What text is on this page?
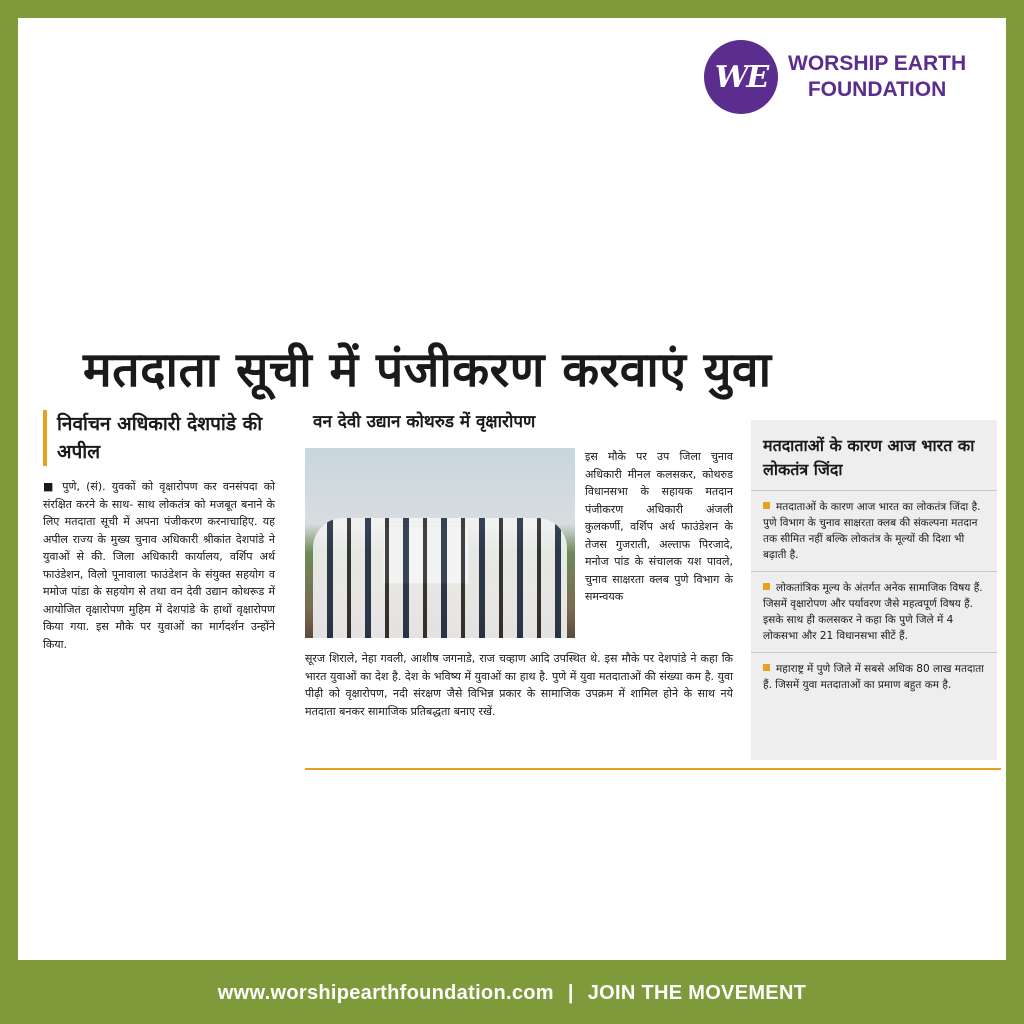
WE WORSHIP EARTH
FOUNDATION
मतदाता सूची में पंजीकरण करवाएं युवा
निर्वाचन अधिकारी देशपांडे की अपील
■ पुणे, (सं). युवकों को वृक्षारोपण कर वनसंपदा को संरक्षित करने के साथ- साथ लोकतंत्र को मजबूत बनाने के लिए मतदाता सूची में अपना पंजीकरण करनाचाहिए. यह अपील राज्य के मुख्य चुनाव अधिकारी श्रीकांत देशपांडे ने युवाओं से की. जिला अधिकारी कार्यालय, वर्शिप अर्थ फाउंडेशन, विलो पूनावाला फाउंडेशन के संयुक्त सहयोग व ममोज पांडा के सहयोग से तथा वन देवी उद्यान कोथरूड में आयोजित वृक्षारोपण मुहिम में देशपांडे के हाथों वृक्षारोपण किया गया. इस मौके पर युवाओं का मार्गदर्शन उन्होंने किया.
वन देवी उद्यान कोथरुड में वृक्षारोपण
इस मौके पर उप जिला चुनाव अधिकारी मीनल कलसकर, कोथरुड विधानसभा के सहायक मतदान पंजीकरण अधिकारी अंजली कुलकर्णी, वर्शिप अर्थ फाउंडेशन के तेजस गुजराती, अल्ताफ पिरजादे, मनोज पांड के संचालक यश पावले, चुनाव साक्षरता क्लब पुणे विभाग के समन्वयक
सूरज शिराले, नेहा गवली, आशीष जगनाडे, राज चव्हाण आदि उपस्थित थे. इस मौके पर देशपांडे ने कहा कि भारत युवाओं का देश है. देश के भविष्य में युवाओं का हाथ है. पुणे में युवा मतदाताओं की संख्या कम है. युवा पीढ़ी को वृक्षारोपण, नदी संरक्षण जैसे विभिन्न प्रकार के सामाजिक उपक्रम में शामिल होने के साथ नये मतदाता बनकर सामाजिक प्रतिबद्धता बनाए रखें.
मतदाताओं के कारण आज भारत का लोकतंत्र जिंदा
मतदाताओं के कारण आज भारत का लोकतंत्र जिंदा है. पुणे विभाग के चुनाव साक्षरता क्लब की संकल्पना मतदान तक सीमित नहीं बल्कि लोकतंत्र के मूल्यों की दिशा भी बढ़ाती है.
लोकतांत्रिक मूल्य के अंतर्गत अनेक सामाजिक विषय हैं. जिसमें वृक्षारोपण और पर्यावरण जैसे महत्वपूर्ण विषय हैं. इसके साथ ही कलसकर ने कहा कि पुणे जिले में 4 लोकसभा और 21 विधानसभा सीटें हैं.
महाराष्ट्र में पुणे जिले में सबसे अधिक 80 लाख मतदाता हैं. जिसमें युवा मतदाताओं का प्रमाण बहुत कम है.
www.worshipearthfoundation.com | JOIN THE MOVEMENT
